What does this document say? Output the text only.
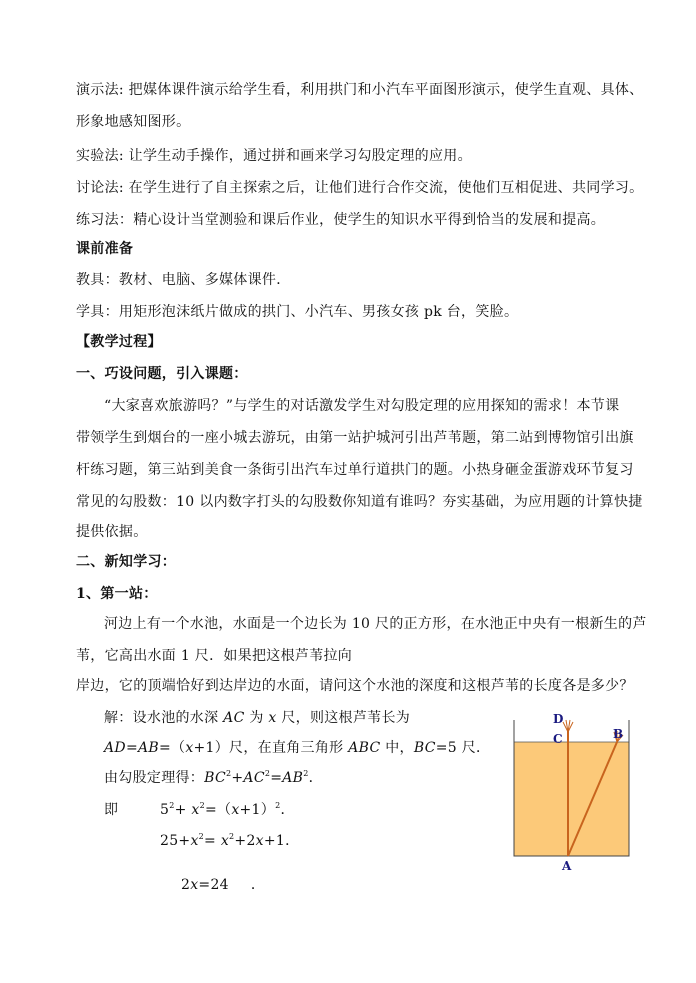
演示法: 把媒体课件演示给学生看，利用拱门和小汽车平面图形演示，使学生直观、具体、
形象地感知图形。
实验法: 让学生动手操作，通过拼和画来学习勾股定理的应用。
讨论法: 在学生进行了自主探索之后，让他们进行合作交流，使他们互相促进、共同学习。
练习法：精心设计当堂测验和课后作业，使学生的知识水平得到恰当的发展和提高。
课前准备
教具：教材、电脑、多媒体课件．
学具：用矩形泡沫纸片做成的拱门、小汽车、男孩女孩 pk 台，笑脸。
【教学过程】
一、巧设问题，引入课题：
“大家喜欢旅游吗？”与学生的对话激发学生对勾股定理的应用探知的需求！本节课
带领学生到烟台的一座小城去游玩，由第一站护城河引出芦苇题，第二站到博物馆引出旗
杆练习题，第三站到美食一条街引出汽车过单行道拱门的题。小热身砸金蛋游戏环节复习
常见的勾股数：10 以内数字打头的勾股数你知道有谁吗？夯实基础，为应用题的计算快捷
提供依据。
二、新知学习：
1、第一站：
河边上有一个水池，水面是一个边长为 10 尺的正方形，在水池正中央有一根新生的芦
苇，它高出水面 1 尺．如果把这根芦苇拉向
岸边，它的顶端恰好到达岸边的水面，请问这个水池的深度和这根芦苇的长度各是多少？
解：设水池的水深 AC 为 x 尺，则这根芦苇长为
AD=AB=（x+1）尺，在直角三角形 ABC 中，BC=5 尺．
由勾股定理得：$BC^2+AC^2=AB^2$．
即	$5^2+ x^2=(x+1)^2$．
$25+x^2= x^2+2x+1$．
2x=24 ．
D
C	B
A
